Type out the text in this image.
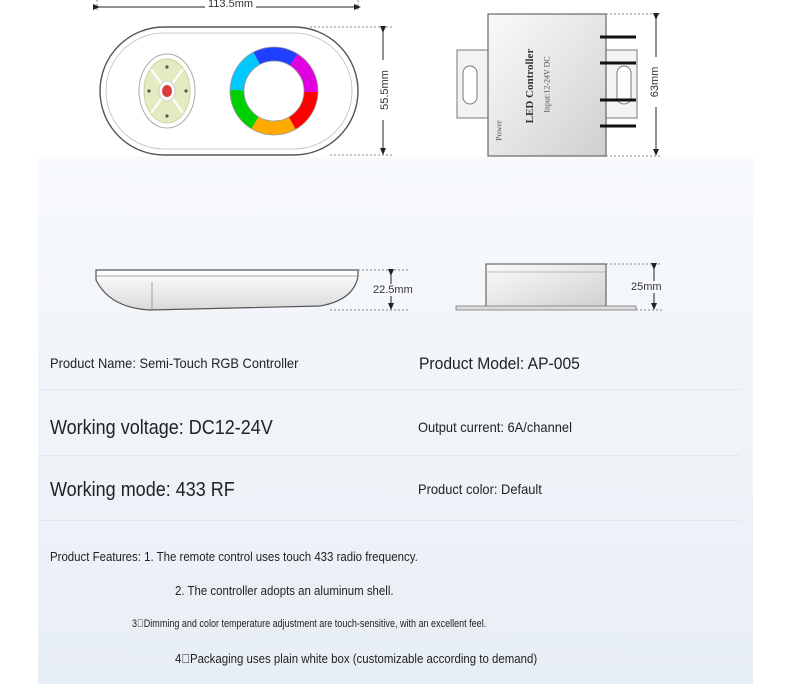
113.5mm
55.5mm	63mm
22.5mm	25mm
LED Controller Input:12-24V DC
Power
Product Name: Semi-Touch RGB Controller	Product Model: AP-005
Working voltage: DC12-24V	Output current: 6A/channel
Working mode: 433 RF	Product color: Default
Product Features: 1. The remote control uses touch 433 radio frequency.
2. The controller adopts an aluminum shell.
3 Dimming and color temperature adjustment are touch-sensitive, with an excellent feel.
4 Packaging uses plain white box (customizable according to demand)
